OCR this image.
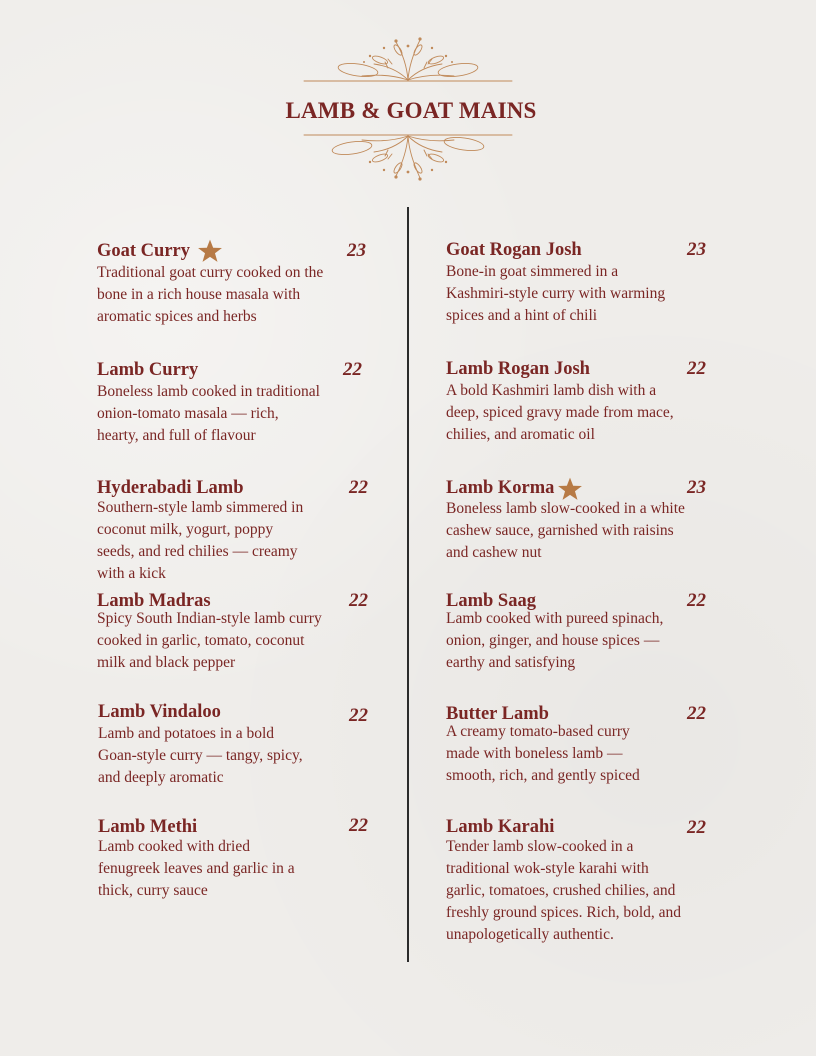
LAMB & GOAT MAINS
Goat Curry	23
Traditional goat curry cooked on the
bone in a rich house masala with
aromatic spices and herbs
Lamb Curry	22
Boneless lamb cooked in traditional
onion-tomato masala — rich,
hearty, and full of flavour
Hyderabadi Lamb	22
Southern-style lamb simmered in
coconut milk, yogurt, poppy
seeds, and red chilies — creamy
with a kick
Lamb Madras	22
Spicy South Indian-style lamb curry
cooked in garlic, tomato, coconut
milk and black pepper
Lamb Vindaloo	22
Lamb and potatoes in a bold
Goan-style curry — tangy, spicy,
and deeply aromatic
Lamb Methi	22
Lamb cooked with dried
fenugreek leaves and garlic in a
thick, curry sauce
Goat Rogan Josh	23
Bone-in goat simmered in a
Kashmiri-style curry with warming
spices and a hint of chili
Lamb Rogan Josh	22
A bold Kashmiri lamb dish with a
deep, spiced gravy made from mace,
chilies, and aromatic oil
Lamb Korma	23
Boneless lamb slow-cooked in a white
cashew sauce, garnished with raisins
and cashew nut
Lamb Saag	22
Lamb cooked with pureed spinach,
onion, ginger, and house spices —
earthy and satisfying
Butter Lamb	22
A creamy tomato-based curry
made with boneless lamb —
smooth, rich, and gently spiced
Lamb Karahi	22
Tender lamb slow-cooked in a
traditional wok-style karahi with
garlic, tomatoes, crushed chilies, and
freshly ground spices. Rich, bold, and
unapologetically authentic.
